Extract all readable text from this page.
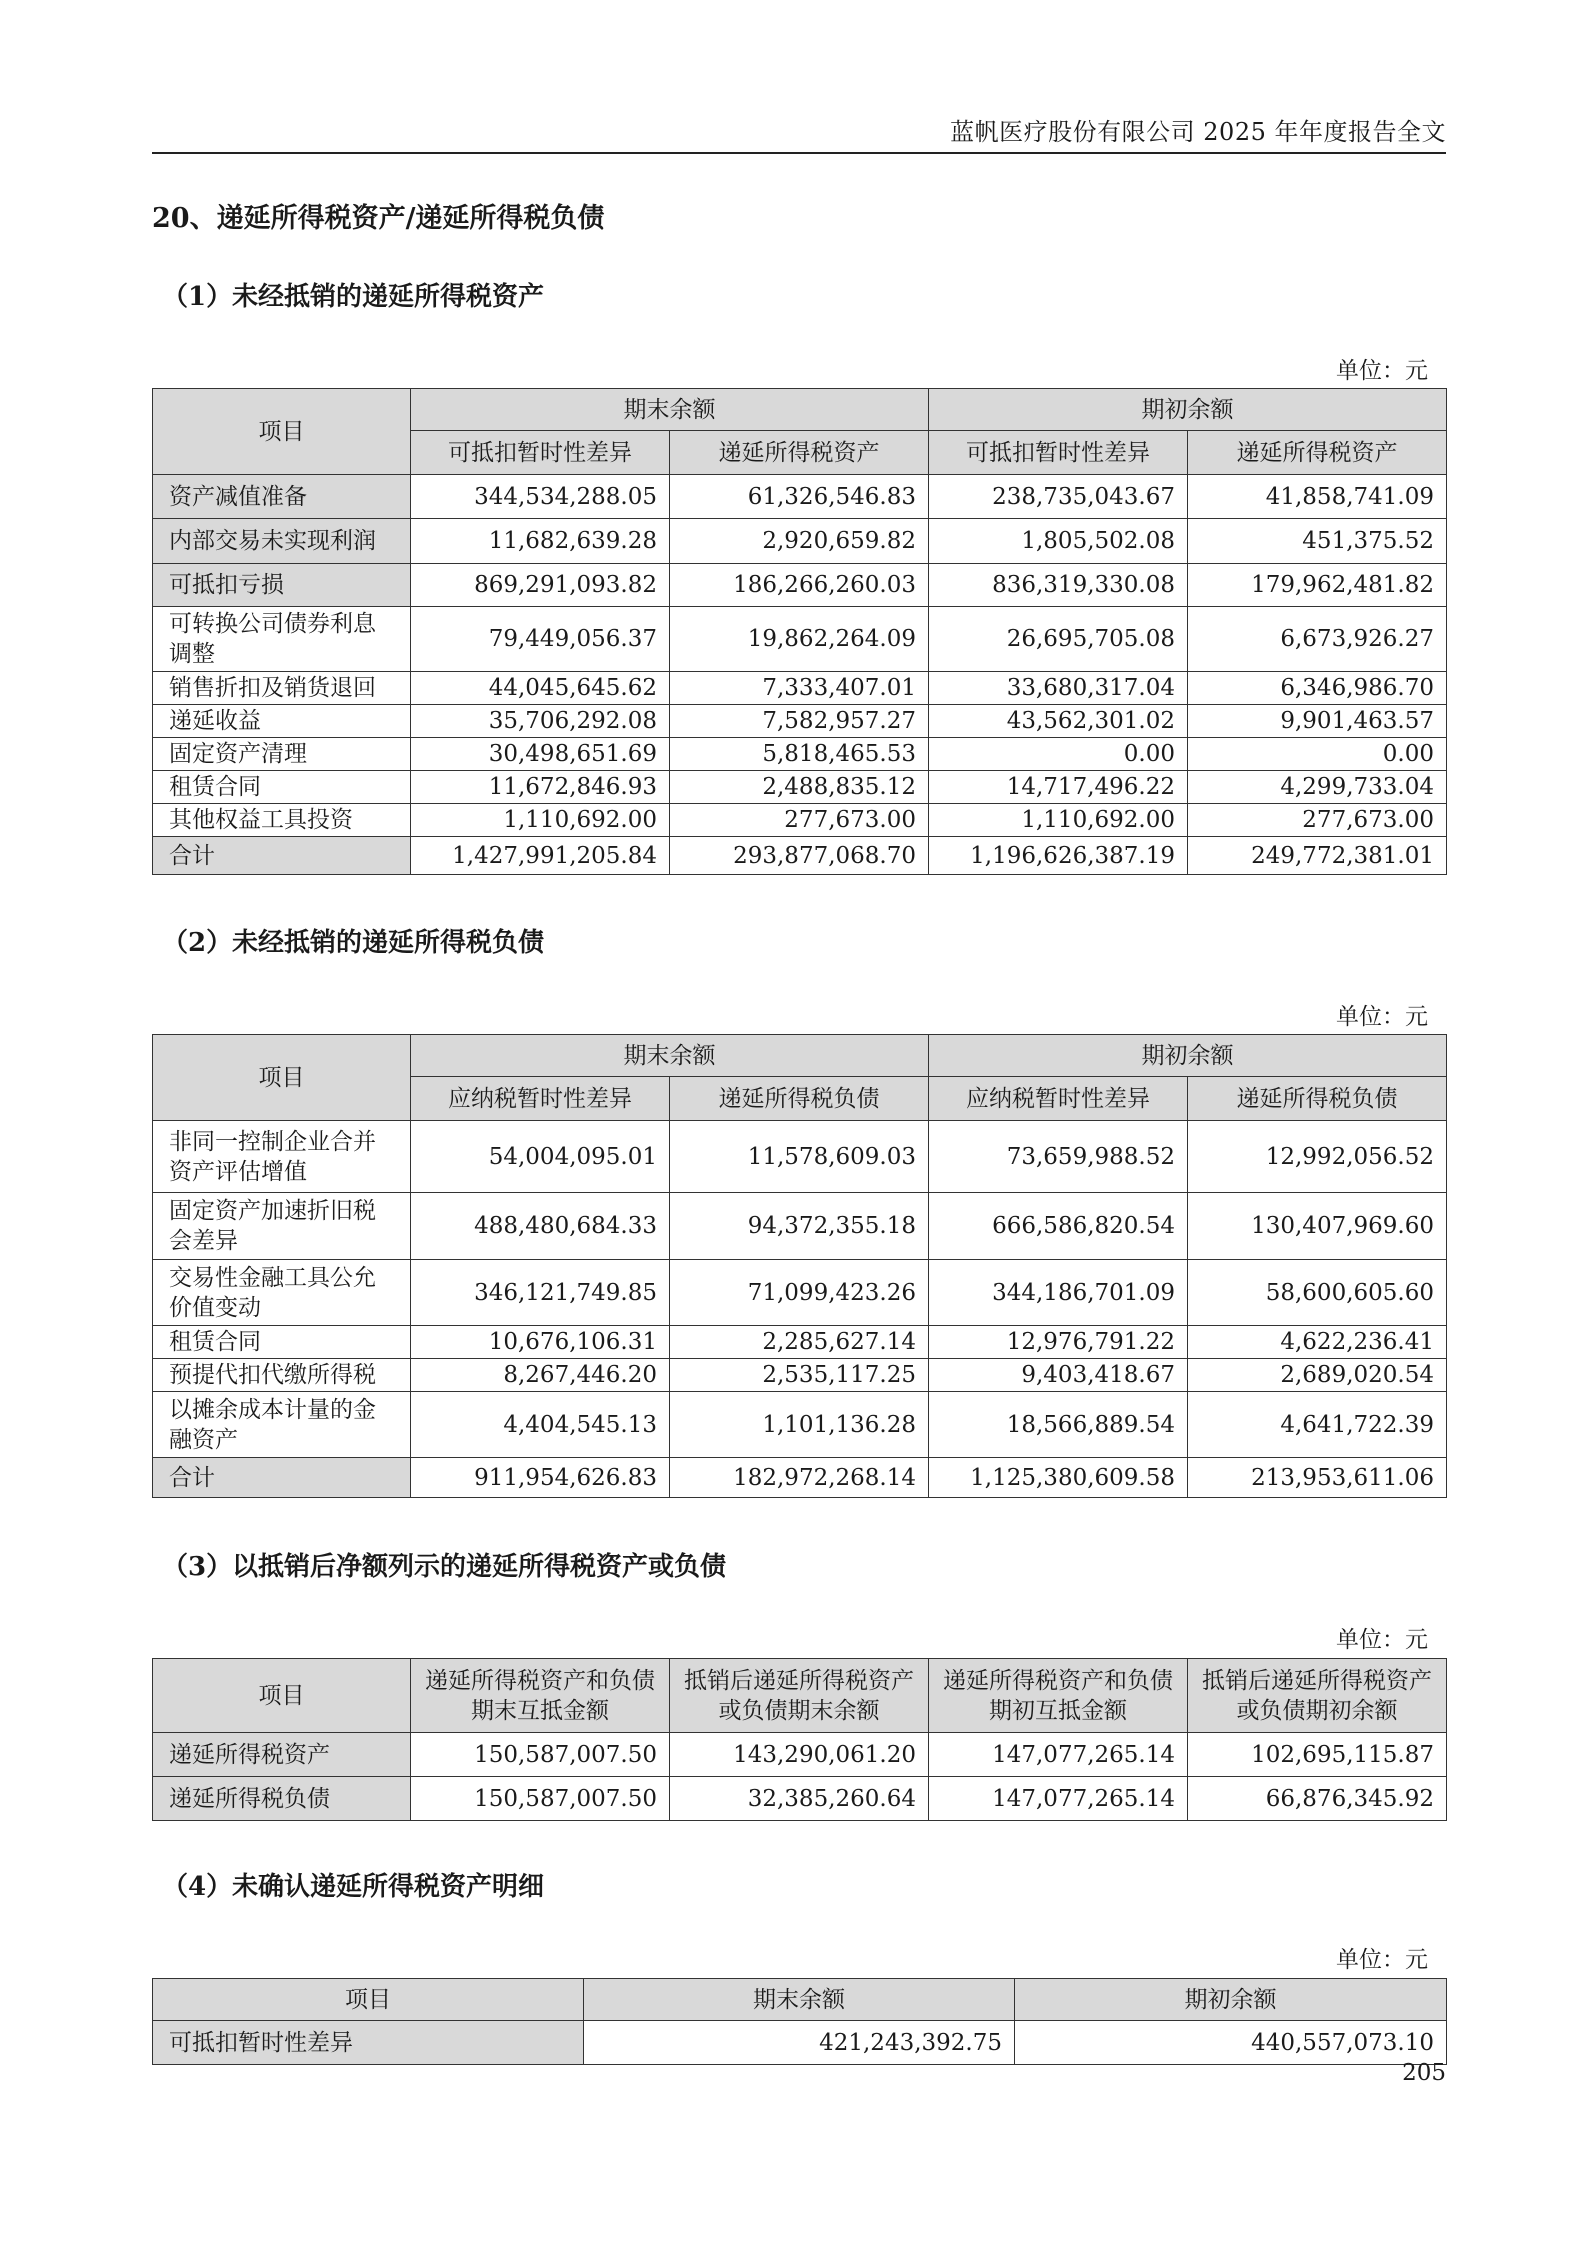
蓝帆医疗股份有限公司 2025 年年度报告全文
20、递延所得税资产/递延所得税负债
（1）未经抵销的递延所得税资产
单位：元
项目	期末余额		期初余额	
	可抵扣暂时性差异	递延所得税资产	可抵扣暂时性差异	递延所得税资产
资产减值准备	344,534,288.05	61,326,546.83	238,735,043.67	41,858,741.09
内部交易未实现利润	11,682,639.28	2,920,659.82	1,805,502.08	451,375.52
可抵扣亏损	869,291,093.82	186,266,260.03	836,319,330.08	179,962,481.82
可转换公司债券利息调整	79,449,056.37	19,862,264.09	26,695,705.08	6,673,926.27
销售折扣及销货退回	44,045,645.62	7,333,407.01	33,680,317.04	6,346,986.70
递延收益	35,706,292.08	7,582,957.27	43,562,301.02	9,901,463.57
固定资产清理	30,498,651.69	5,818,465.53	0.00	0.00
租赁合同	11,672,846.93	2,488,835.12	14,717,496.22	4,299,733.04
其他权益工具投资	1,110,692.00	277,673.00	1,110,692.00	277,673.00
合计	1,427,991,205.84	293,877,068.70	1,196,626,387.19	249,772,381.01
（2）未经抵销的递延所得税负债
单位：元
项目	期末余额		期初余额	
	应纳税暂时性差异	递延所得税负债	应纳税暂时性差异	递延所得税负债
非同一控制企业合并资产评估增值	54,004,095.01	11,578,609.03	73,659,988.52	12,992,056.52
固定资产加速折旧税会差异	488,480,684.33	94,372,355.18	666,586,820.54	130,407,969.60
交易性金融工具公允价值变动	346,121,749.85	71,099,423.26	344,186,701.09	58,600,605.60
租赁合同	10,676,106.31	2,285,627.14	12,976,791.22	4,622,236.41
预提代扣代缴所得税	8,267,446.20	2,535,117.25	9,403,418.67	2,689,020.54
以摊余成本计量的金融资产	4,404,545.13	1,101,136.28	18,566,889.54	4,641,722.39
合计	911,954,626.83	182,972,268.14	1,125,380,609.58	213,953,611.06
（3）以抵销后净额列示的递延所得税资产或负债
单位：元
项目	递延所得税资产和负债期末互抵金额	抵销后递延所得税资产或负债期末余额	递延所得税资产和负债期初互抵金额	抵销后递延所得税资产或负债期初余额
递延所得税资产	150,587,007.50	143,290,061.20	147,077,265.14	102,695,115.87
递延所得税负债	150,587,007.50	32,385,260.64	147,077,265.14	66,876,345.92
（4）未确认递延所得税资产明细
单位：元
项目	期末余额	期初余额
可抵扣暂时性差异	421,243,392.75	440,557,073.10
205
